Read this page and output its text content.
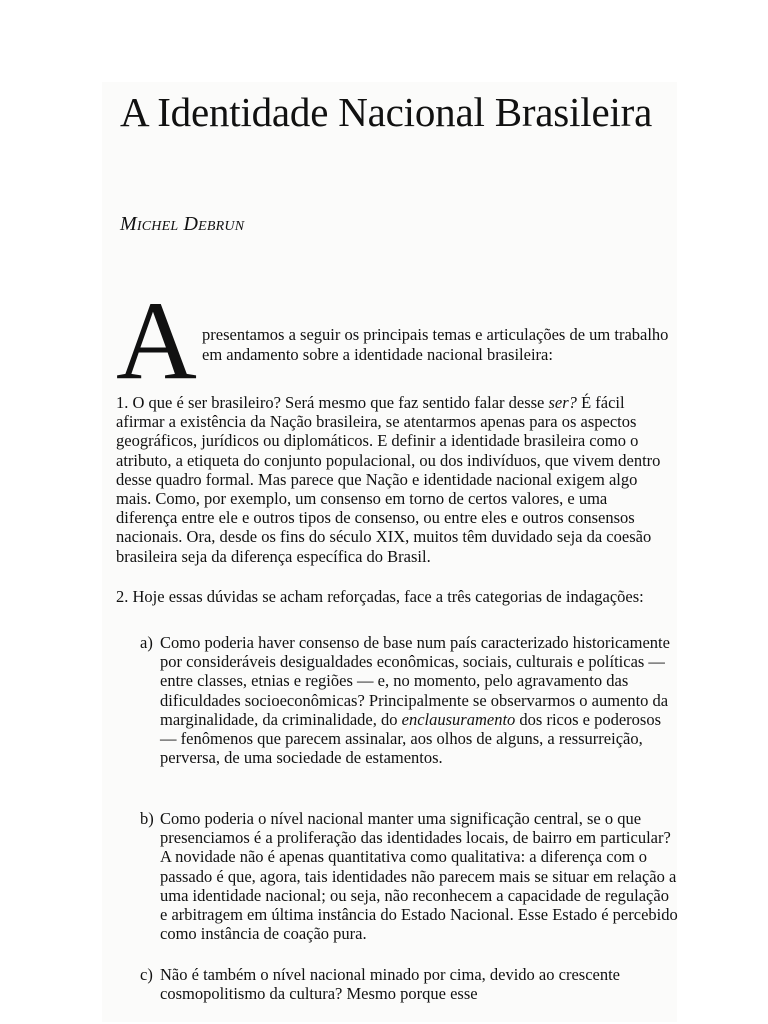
A Identidade Nacional Brasileira
Michel Debrun
A presentamos a seguir os principais temas e articulações de um trabalho em andamento sobre a identidade nacional brasileira:

1. O que é ser brasileiro? Será mesmo que faz sentido falar desse ser? É fácil afirmar a existência da Nação brasileira, se atentarmos apenas para os aspectos geográficos, jurídicos ou diplomáticos. E definir a identidade brasileira como o atributo, a etiqueta do conjunto populacional, ou dos indivíduos, que vivem dentro desse quadro formal. Mas parece que Nação e identidade nacional exigem algo mais. Como, por exemplo, um consenso em torno de certos valores, e uma diferença entre ele e outros tipos de consenso, ou entre eles e outros consensos nacionais. Ora, desde os fins do século XIX, muitos têm duvidado seja da coesão brasileira seja da diferença específica do Brasil.

2. Hoje essas dúvidas se acham reforçadas, face a três categorias de indagações:

a) Como poderia haver consenso de base num país caracterizado historicamente por consideráveis desigualdades econômicas, sociais, culturais e políticas — entre classes, etnias e regiões — e, no momento, pelo agravamento das dificuldades socioeconômicas? Principalmente se observarmos o aumento da marginalidade, da criminalidade, do enclausuramento dos ricos e poderosos — fenômenos que parecem assinalar, aos olhos de alguns, a ressurreição, perversa, de uma sociedade de estamentos.

b) Como poderia o nível nacional manter uma significação central, se o que presenciamos é a proliferação das identidades locais, de bairro em particular? A novidade não é apenas quantitativa como qualitativa: a diferença com o passado é que, agora, tais identidades não parecem mais se situar em relação a uma identidade nacional; ou seja, não reconhecem a capacidade de regulação e arbitragem em última instância do Estado Nacional. Esse Estado é percebido como instância de coação pura.

c) Não é também o nível nacional minado por cima, devido ao crescente cosmopolitismo da cultura? Mesmo porque esse
